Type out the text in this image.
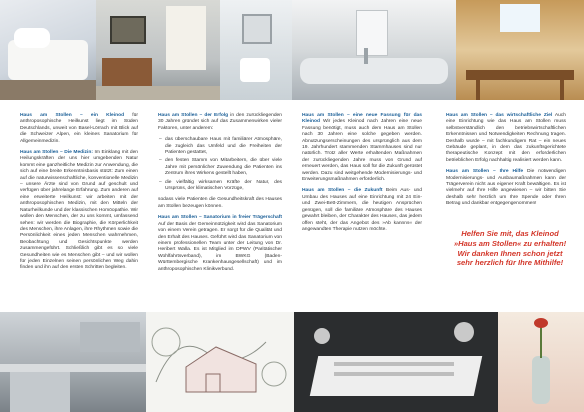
Haus am Stollen – ein Kleinod für anthroposophische Heilkunst liegt im Süden Deutschlands, unweit von Basel-Lörrach mit Blick auf die Schweizer Alpen, ein kleines Sanatorium für Allgemeinmedizin.

Haus am Stollen – Die Medizin: Im Einklang mit den Heilungskräften der uns hier umgebenden Natur kommt eine ganzheitliche Medizin zur Anwendung, die sich auf eine breite Erkenntnisbasis stützt: Zum einen auf die naturwissenschaftliche, konventionelle Medizin – unsere Ärzte sind von Grund auf geschult und verfügen über jahrelange Erfahrung. Zum anderen auf eine erweiterte Heilkunst: wir arbeiten mit der anthroposophischen Medizin, mit den Mitteln der Naturheilkunde und der klassischen Homöopathie. Wir wollen den Menschen, der zu uns kommt, umfassend sehen: wir werden die Biographie, die Körperlichkeit des Menschen, ihre Anlagen, ihre Rhythmen sowie die Persönlichkeit eines jeden Menschen wahrnehmen, Beobachtung und Gesichtspunkte werden zusammengeführt. Schließlich gibt es so viele Gesundheiten wie es Menschen gibt – und wir wollen für jeden Einzelnen seinen persönlichen Weg dahin finden und ihn auf den ersten Schritten begleiten.

Haus am Stollen – der Erfolg in den zurückliegenden 30 Jahren gründet sich auf das Zusammenwirken vieler Faktoren, unter anderem:

– das überschaubare Haus mit familiärer Atmosphäre, die zugleich das Umfeld und die Freiheiten der Patienten gestattet,
– den festen Stamm von Mitarbeitern, die über viele Jahre mit persönlicher Zuwendung die Patienten ins Zentrum ihres Wirkens gestellt haben,
– die vielfältig wirksamen Kräfte der Natur, des Ursprüns, der klimatischen Vorzüge,

sodass viele Patienten die Gesundheitskraft des Hauses am Stollen bezeugen können.

Haus am Stollen – Sanatorium in freier Trägerschaft Auf der Basis der Gemeinnützigkeit wird das Sanatorium von einem Verein getragen. Er sorgt für die Qualität und den Erhalt des Hauses. Geführt wird das Sanatorium von einem professionellen Team unter der Leitung von Dr. Heribert Walla. Es ist Mitglied im DPWV (Paritätischer Wohlfahrtsverband), im BWKG (Baden-Württembergische Krankenhausgesellschaft) und im anthroposophischen Klinikverbund.

Haus am Stollen – eine neue Fassung für das Kleinod Wir jedes Kleinod nach Jahren eine neue Fassung benötigt, muss auch dem Haus am Stollen nach 30 Jahren eine solche gegeben werden. Abnutzungserscheinungen des ursprünglich aus dem 19. Jahrhundert stammenden Stammhauses sind nur natürlich. Trotz aller Werte erhaltenden Maßnahmen der zurückliegenden Jahre muss von Grund auf erneuert werden, das Haus soll für die Zukunft gerüstet werden. Dazu sind weitgehende Modernisierungs- und Erweiterungsmaßnahmen erforderlich.

Haus am Stollen – die Zukunft Beim Aus- und Umbau des Hauses auf eine Einrichtung mit 24 Ein- und Zwei-Bett-Zimmern, die heutigen Ansprüchen genügen, soll die familiäre Atmosphäre des Hauses gewahrt bleiben, der Charakter des Hauses, das jedem offen steht, der das Angebot des »Ab kannns« der angewandten Therapie nutzen möchte.

Haus am Stollen – das wirtschaftliche Ziel Auch eine Einrichtung wie das Haus am Stollen muss selbstverständlich den betriebswirtschaftlichen Erkenntnissen und Notwendigkeiten Rechnung tragen. Deshalb wurde – mit fachkundigem Rat – ein neues Gebäude geplant, in dem das zukunftsgerichtete therapeutische Konzept mit den erforderlichen betrieblichen Erfolg nachhaltig realisiert werden kann.

Haus am Stollen – Ihre Hilfe Die notwendigen Modernisierungs- und Ausbaumaßnahmen kann der Trägerverein nicht aus eigener Kraft bewältigen. Es ist vielmehr auf Ihre Hilfe angewiesen – wir bitten Sie deshalb sehr herzlich um Ihre Spende oder Ihren Betrag und dankbar entgegengenommen!

Helfen Sie mit, das Kleinod
»Haus am Stollen« zu erhalten!
Wir danken Ihnen schon jetzt
sehr herzlich für Ihre Mithilfe!
